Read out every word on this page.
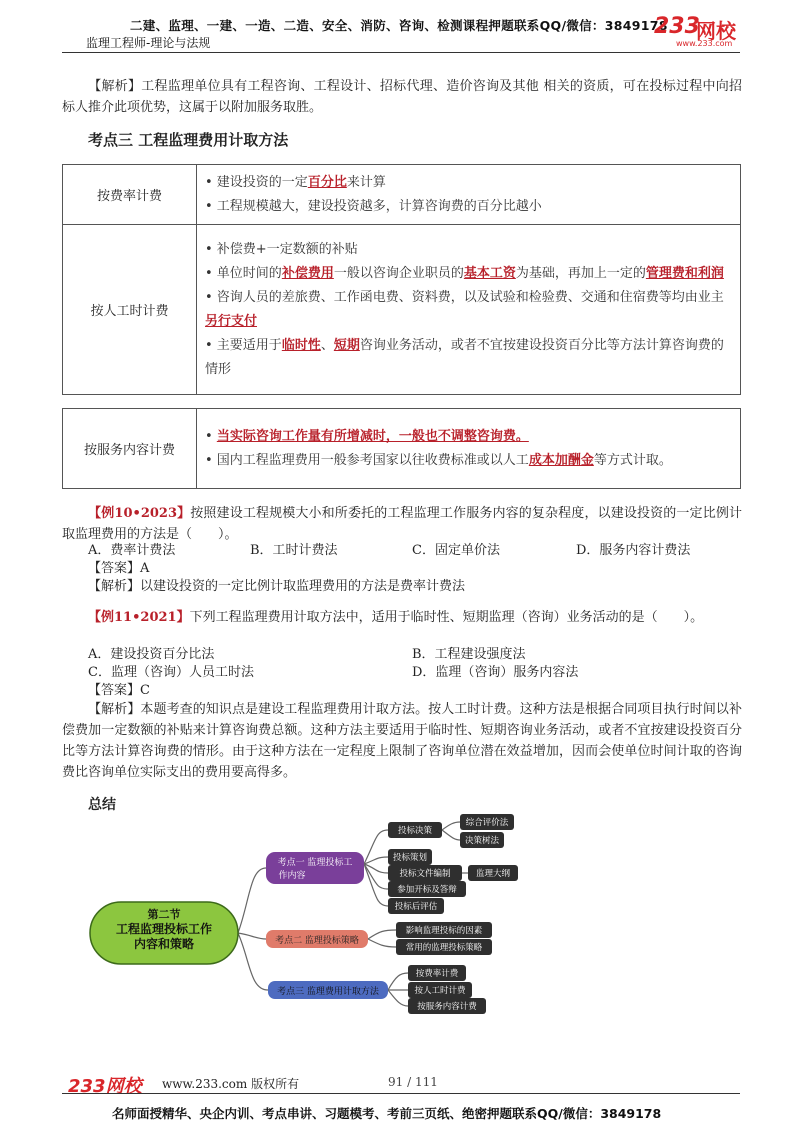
二建、监理、一建、一造、二造、安全、消防、咨询、检测课程押题联系QQ/微信：3849178
监理工程师-理论与法规
233
网校
www.233.com
【解析】工程监理单位具有工程咨询、工程设计、招标代理、造价咨询及其他 相关的资质，可在投标过程中向招标人推介此项优势，这属于以附加服务取胜。
考点三 工程监理费用计取方法
按费率计费	• 建设投资的一定百分比来计算
• 工程规模越大，建设投资越多，计算咨询费的百分比越小

按人工时计费	• 补偿费+一定数额的补贴
• 单位时间的补偿费用一般以咨询企业职员的基本工资为基础，再加上一定的管理费和利润
• 咨询人员的差旅费、工作函电费、资料费，以及试验和检验费、交通和住宿费等均由业主另行支付
• 主要适用于临时性、短期咨询业务活动，或者不宜按建设投资百分比等方法计算咨询费的情形
按服务内容计费	
• 当实际咨询工作量有所增减时，一般也不调整咨询费。
• 国内工程监理费用一般参考国家以往收费标准或以人工成本加酬金等方式计取。
【例10•2023】按照建设工程规模大小和所委托的工程监理工作服务内容的复杂程度，以建设投资的一定比例计取监理费用的方法是（　　）。
A．费率计费法	B．工时计费法	C．固定单价法	D．服务内容计费法
【答案】A
【解析】以建设投资的一定比例计取监理费用的方法是费率计费法
【例11•2021】下列工程监理费用计取方法中，适用于临时性、短期监理（咨询）业务活动的是（　　）。
A．建设投资百分比法	B．工程建设强度法
C．监理（咨询）人员工时法	D．监理（咨询）服务内容法
【答案】C
【解析】本题考查的知识点是建设工程监理费用计取方法。按人工时计费。这种方法是根据合同项目执行时间以补偿费加一定数额的补贴来计算咨询费总额。这种方法主要适用于临时性、短期咨询业务活动，或者不宜按建设投资百分比等方法计算咨询费的情形。由于这种方法在一定程度上限制了咨询单位潜在效益增加，因而会使单位时间计取的咨询费比咨询单位实际支出的费用要高得多。
总结
第二节
工程监理投标工作
内容和策略
考点一 监理投标工
作内容
投标决策
综合评价法
决策树法
投标策划
投标文件编制	监理大纲
参加开标及答辩
投标后评估
考点二 监理投标策略
影响监理投标的因素
常用的监理投标策略
考点三 监理费用计取方法
按费率计费
按人工时计费
按服务内容计费
233网校 www.233.com 版权所有	91 / 111
名师面授精华、央企内训、考点串讲、习题模考、考前三页纸、绝密押题联系QQ/微信：3849178
